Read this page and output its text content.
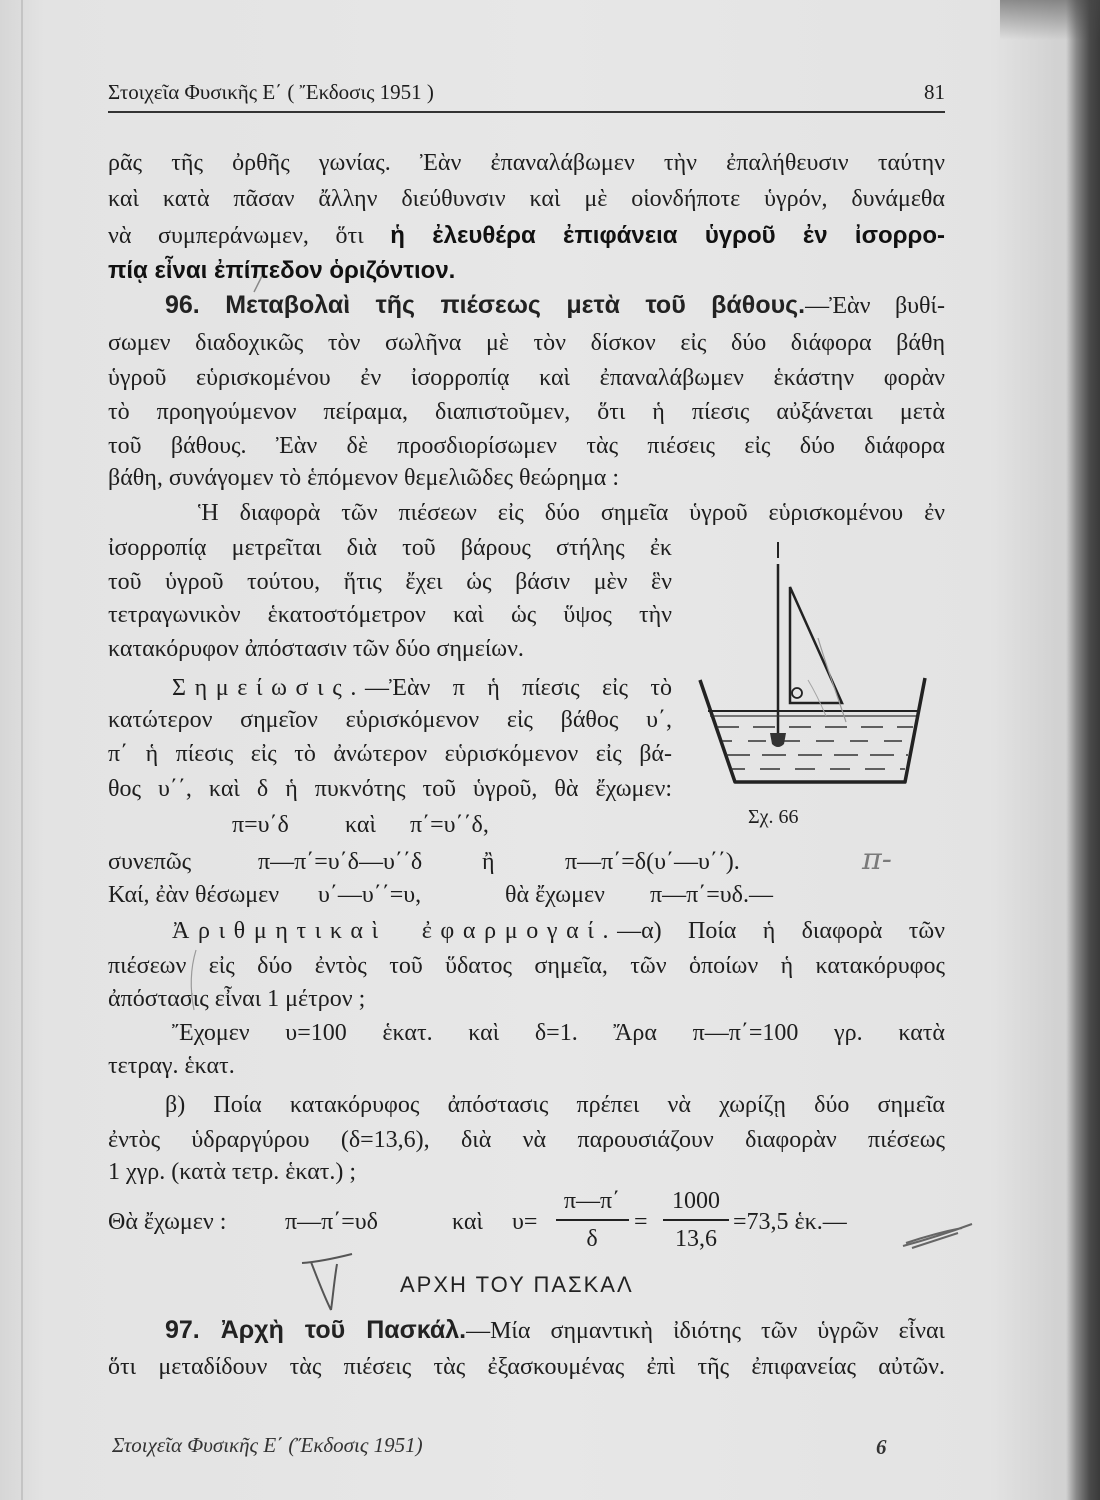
Στοιχεῖα Φυσικῆς Ε΄ ( Ἔκδοσις 1951 )	81
ρᾶς τῆς ὀρθῆς γωνίας. Ἐὰν ἐπαναλάβωμεν τὴν ἐπαλήθευσιν ταύτην
καὶ κατὰ πᾶσαν ἄλλην διεύθυνσιν καὶ μὲ οἱονδήποτε ὑγρόν, δυνάμεθα
νὰ συμπεράνωμεν, ὅτι ἡ ἐλευθέρα ἐπιφάνεια ὑγροῦ ἐν ἰσορρο-
πίᾳ εἶναι ἐπίπεδον ὁριζόντιον.
96. Μεταβολαὶ τῆς πιέσεως μετὰ τοῦ βάθους.—Ἐὰν βυθί-
σωμεν διαδοχικῶς τὸν σωλῆνα μὲ τὸν δίσκον εἰς δύο διάφορα βάθη
ὑγροῦ εὑρισκομένου ἐν ἰσορροπίᾳ καὶ ἐπαναλάβωμεν ἑκάστην φορὰν
τὸ προηγούμενον πείραμα, διαπιστοῦμεν, ὅτι ἡ πίεσις αὐξάνεται μετὰ
τοῦ βάθους. Ἐὰν δὲ προσδιορίσωμεν τὰς πιέσεις εἰς δύο διάφορα
βάθη, συνάγομεν τὸ ἑπόμενον θεμελιῶδες θεώρημα :
Ἡ διαφορὰ τῶν πιέσεων εἰς δύο σημεῖα ὑγροῦ εὑρισκομένου ἐν
ἰσορροπίᾳ μετρεῖται διὰ τοῦ βάρους στήλης ἐκ
τοῦ ὑγροῦ τούτου, ἥτις ἔχει ὡς βάσιν μὲν ἓν
τετραγωνικὸν ἑκατοστόμετρον καὶ ὡς ὕψος τὴν
κατακόρυφον ἀπόστασιν τῶν δύο σημείων.
Σημείωσις.—Ἐὰν π ἡ πίεσις εἰς τὸ
κατώτερον σημεῖον εὑρισκόμενον εἰς βάθος υ΄,
π΄ ἡ πίεσις εἰς τὸ ἀνώτερον εὑρισκόμενον εἰς βά-
θος υ΄΄, καὶ δ ἡ πυκνότης τοῦ ὑγροῦ, θὰ ἔχωμεν:
π=υ΄δ καὶ π΄=υ΄΄δ,
συνεπῶς	π—π΄=υ΄δ—υ΄΄δ ἢ	π—π΄=δ(υ΄—υ΄΄).
Καί, ἐὰν θέσωμεν υ΄—υ΄΄=υ,	θὰ ἔχωμεν π—π΄=υδ.—
π-
Σχ. 66
Ἀριθμητικαὶ ἐφαρμογαί.—α) Ποία ἡ διαφορὰ τῶν
πιέσεων εἰς δύο ἐντὸς τοῦ ὕδατος σημεῖα, τῶν ὁποίων ἡ κατακόρυφος
ἀπόστασις εἶναι 1 μέτρον ;
Ἔχομεν υ=100 ἑκατ. καὶ δ=1. Ἄρα π—π΄=100 γρ. κατὰ
τετραγ. ἑκατ.
β) Ποία κατακόρυφος ἀπόστασις πρέπει νὰ χωρίζῃ δύο σημεῖα
ἐντὸς ὑδραργύρου (δ=13,6), διὰ νὰ παρουσιάζουν διαφορὰν πιέσεως
1 χγρ. (κατὰ τετρ. ἑκατ.) ;
Θὰ ἔχωμεν : π—π΄=υδ	καὶ υ=
π—π΄
δ
=
1000
13,6
=73,5 ἑκ.—
ΑΡΧΗ ΤΟΥ ΠΑΣΚΑΛ
97. Ἀρχὴ τοῦ Πασκάλ.—Μία σημαντικὴ ἰδιότης τῶν ὑγρῶν εἶναι
ὅτι μεταδίδουν τὰς πιέσεις τὰς ἐξασκουμένας ἐπὶ τῆς ἐπιφανείας αὐτῶν.
Στοιχεῖα Φυσικῆς Ε΄ (Ἔκδοσις 1951)	6
